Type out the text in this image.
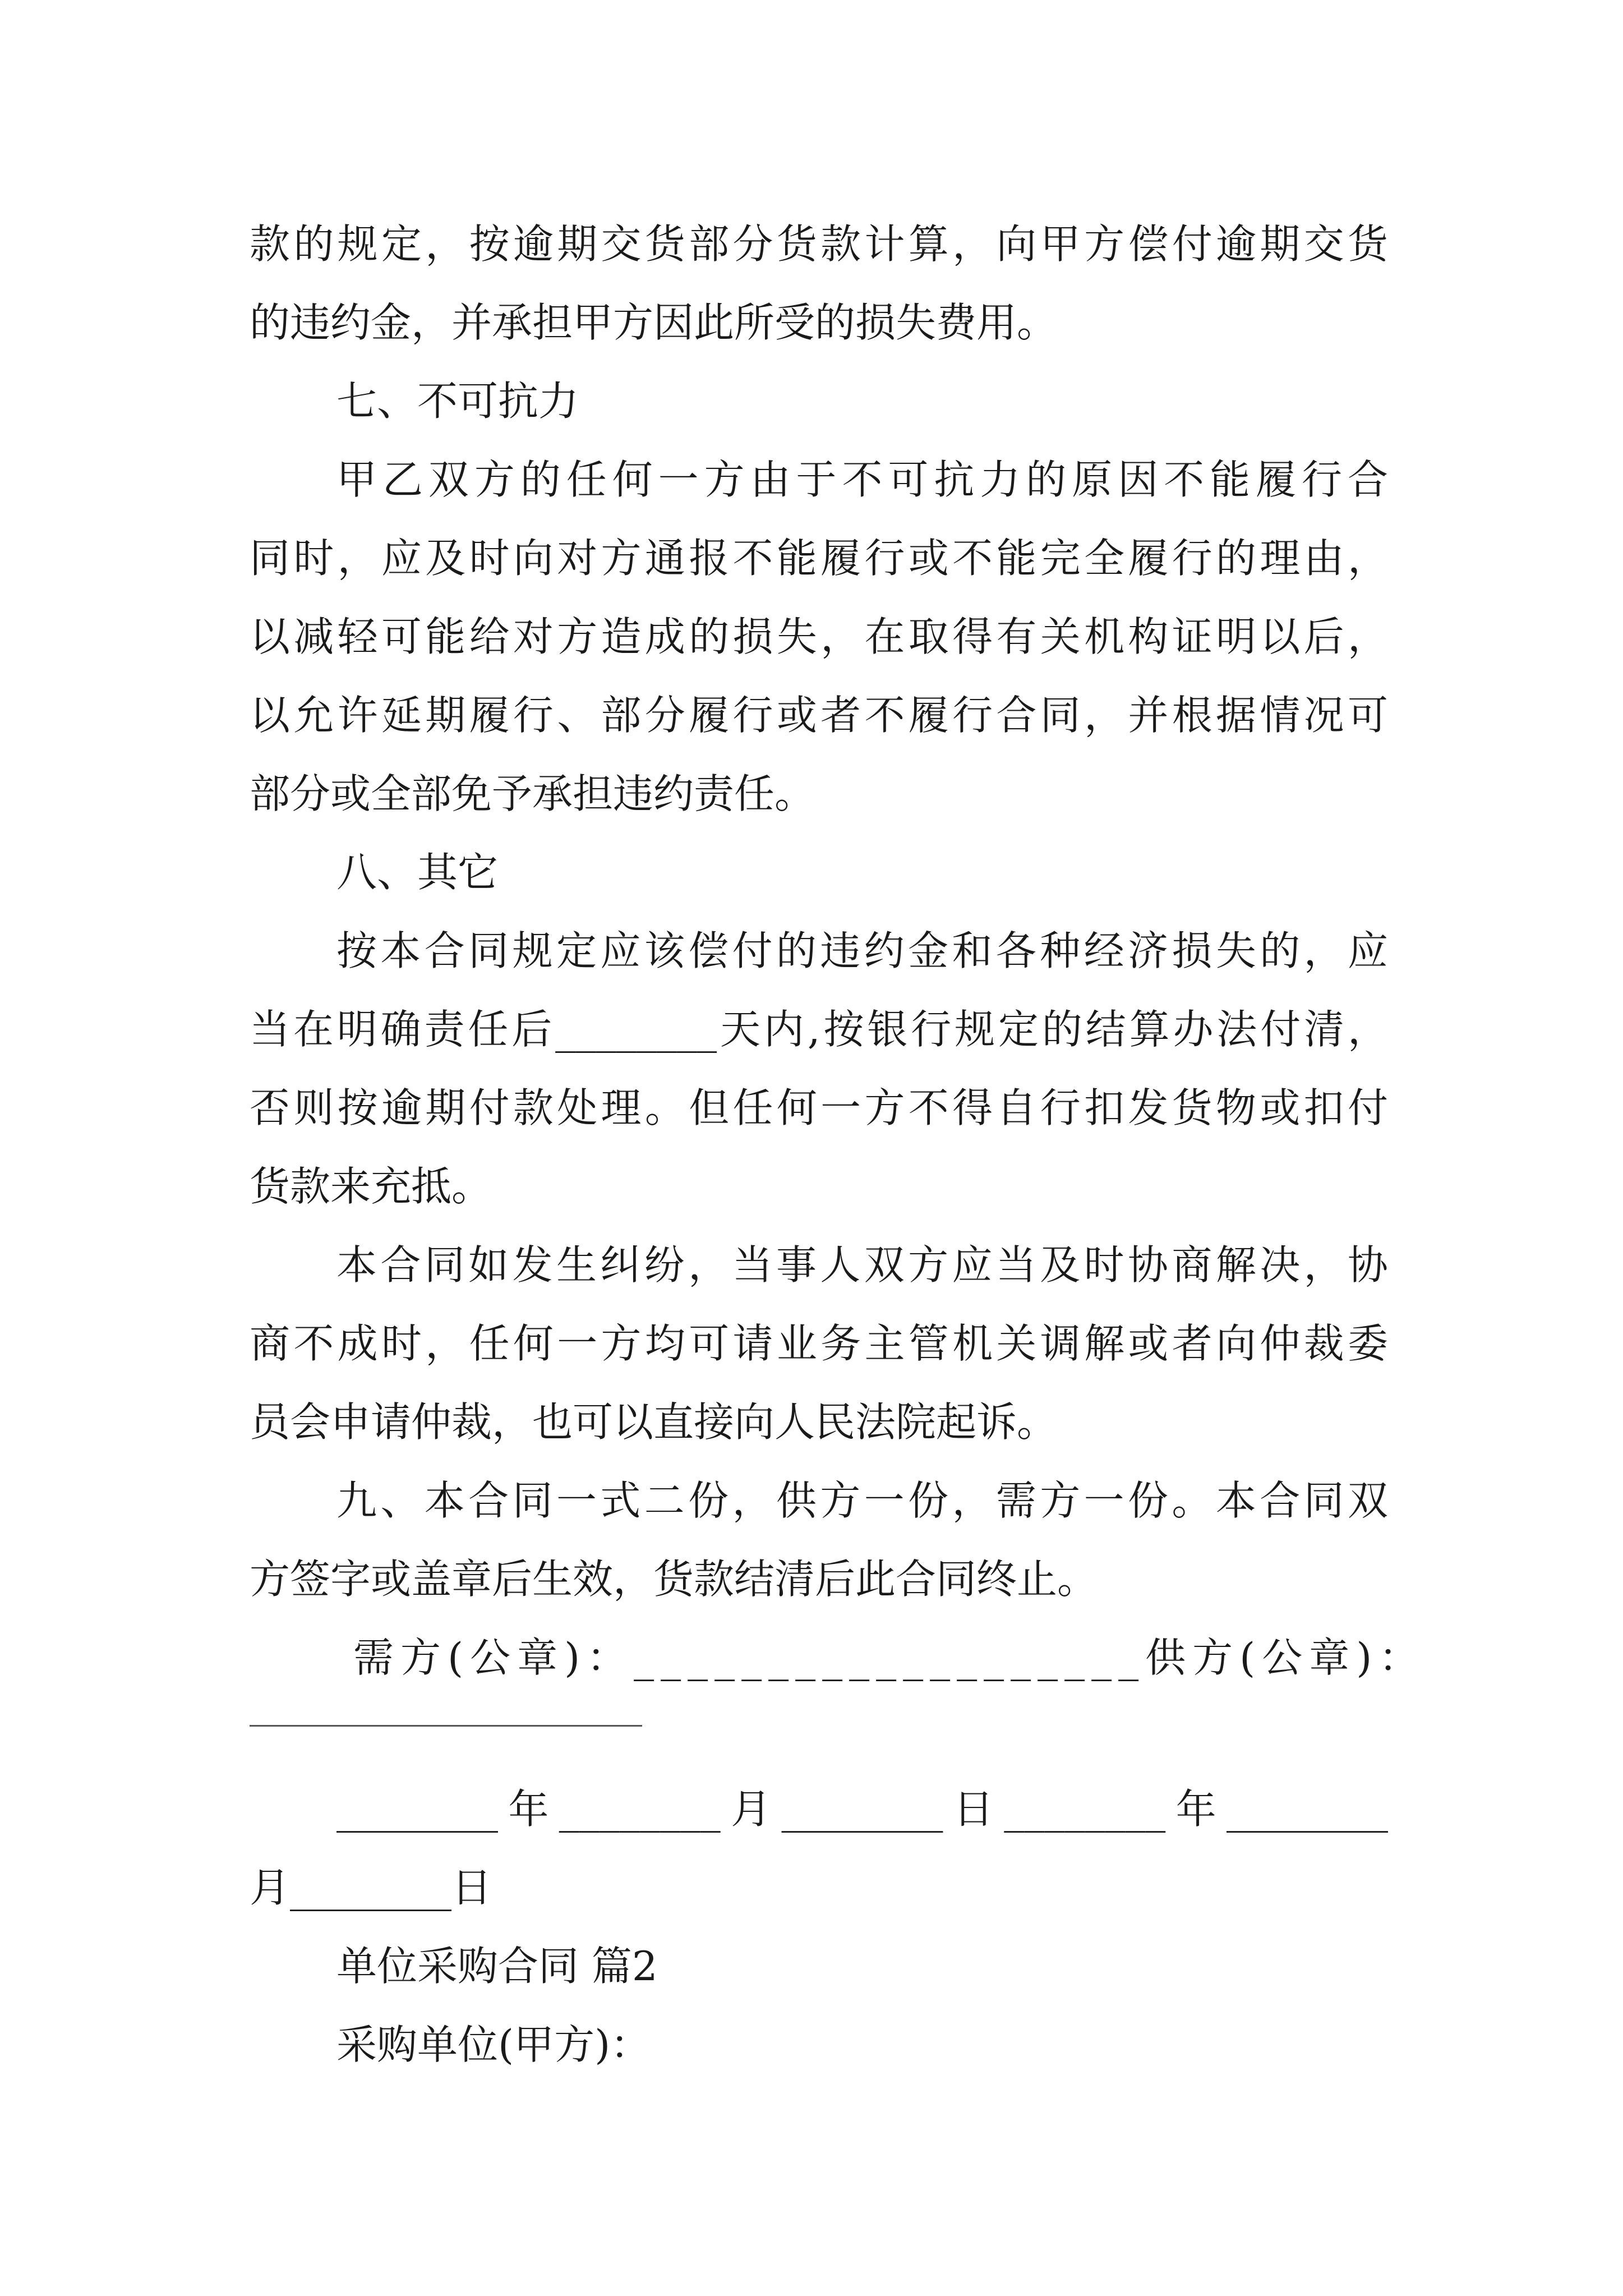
款的规定，按逾期交货部分货款计算，向甲方偿付逾期交货
的违约金，并承担甲方因此所受的损失费用。
七、不可抗力
甲乙双方的任何一方由于不可抗力的原因不能履行合
同时，应及时向对方通报不能履行或不能完全履行的理由，
以减轻可能给对方造成的损失，在取得有关机构证明以后，
以允许延期履行、部分履行或者不履行合同，并根据情况可
部分或全部免予承担违约责任。
八、其它
按本合同规定应该偿付的违约金和各种经济损失的，应
当在明确责任后________天内,按银行规定的结算办法付清，
否则按逾期付款处理。但任何一方不得自行扣发货物或扣付
货款来充抵。
本合同如发生纠纷，当事人双方应当及时协商解决，协
商不成时，任何一方均可请业务主管机关调解或者向仲裁委
员会申请仲裁，也可以直接向人民法院起诉。
九、本合同一式二份，供方一份，需方一份。本合同双
方签字或盖章后生效，货款结清后此合同终止。
需方(公章)：___________________供方(公章)：
________年________月________日________年________
月________日
单位采购合同 篇2
采购单位(甲方)：
